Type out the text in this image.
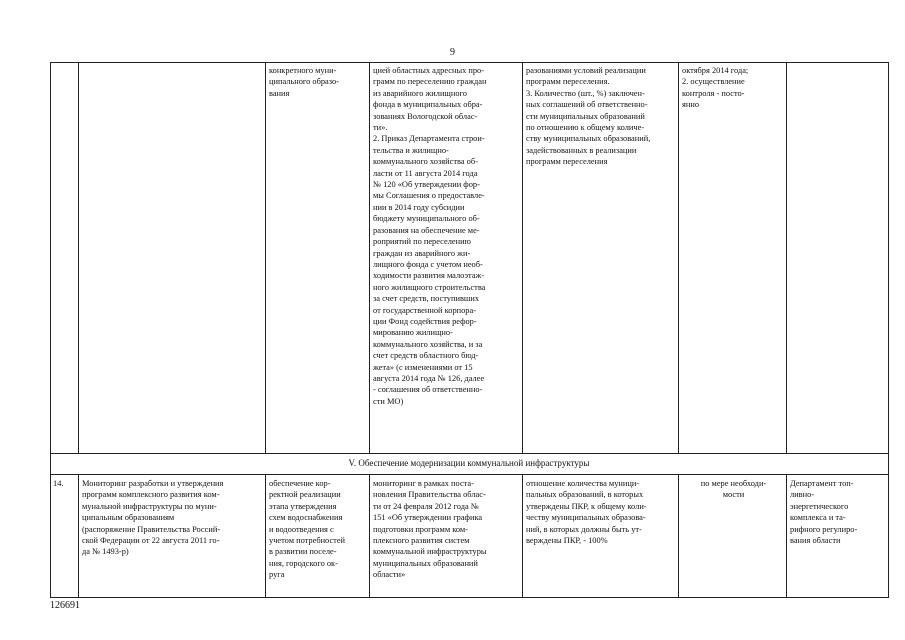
9
конкретного муни-
ципального образо-
вания
цией областных адресных про-
грамм по переселению граждан
из аварийного жилищного
фонда в муниципальных обра-
зованиях Вологодской облас-
ти».
2. Приказ Департамента строи-
тельства и жилищно-
коммунального хозяйства об-
ласти от 11 августа 2014 года
№ 120 «Об утверждении фор-
мы Соглашения о предоставле-
нии в 2014 году субсидии
бюджету муниципального об-
разования на обеспечение ме-
роприятий по переселению
граждан из аварийного жи-
лищного фонда с учетом необ-
ходимости развития малоэтаж-
ного жилищного строительства
за счет средств, поступивших
от государственной корпора-
ции Фонд содействия рефор-
мированию жилищно-
коммунального хозяйства, и за
счет средств областного бюд-
жета» (с изменениями от 15
августа 2014 года № 126, далее
- соглашения об ответственно-
сти МО)
разованиями условий реализации
программ переселения.
3. Количество (шт., %) заключен-
ных соглашений об ответственно-
сти муниципальных образований
по отношению к общему количе-
ству муниципальных образований,
задействованных в реализации
программ переселения
октября 2014 года;
2. осуществление
контроля - посто-
янно
V. Обеспечение модернизации коммунальной инфраструктуры
14.	Мониторинг разработки и утверждения
программ комплексного развития ком-
мунальной инфраструктуры по муни-
ципальным образованиям
(распоряжение Правительства Россий-
ской Федерации от 22 августа 2011 го-
да № 1493-р)
обеспечение кор-
ректной реализации
этапа утверждения
схем водоснабжения
и водоотведения с
учетом потребностей
в развитии поселе-
ния, городского ок-
руга
мониторинг в рамках поста-
новления Правительства облас-
ти от 24 февраля 2012 года №
151 «Об утверждении графика
подготовки программ ком-
плексного развития систем
коммунальной инфраструктуры
муниципальных образований
области»
отношение количества муници-
пальных образований, в которых
утверждены ПКР, к общему коли-
честву муниципальных образова-
ний, в которых должны быть ут-
верждены ПКР, - 100%
по мере необходи-
мости
Департамент топ-
ливно-
энергетического
комплекса и та-
рифного регулиро-
вания области
126691
